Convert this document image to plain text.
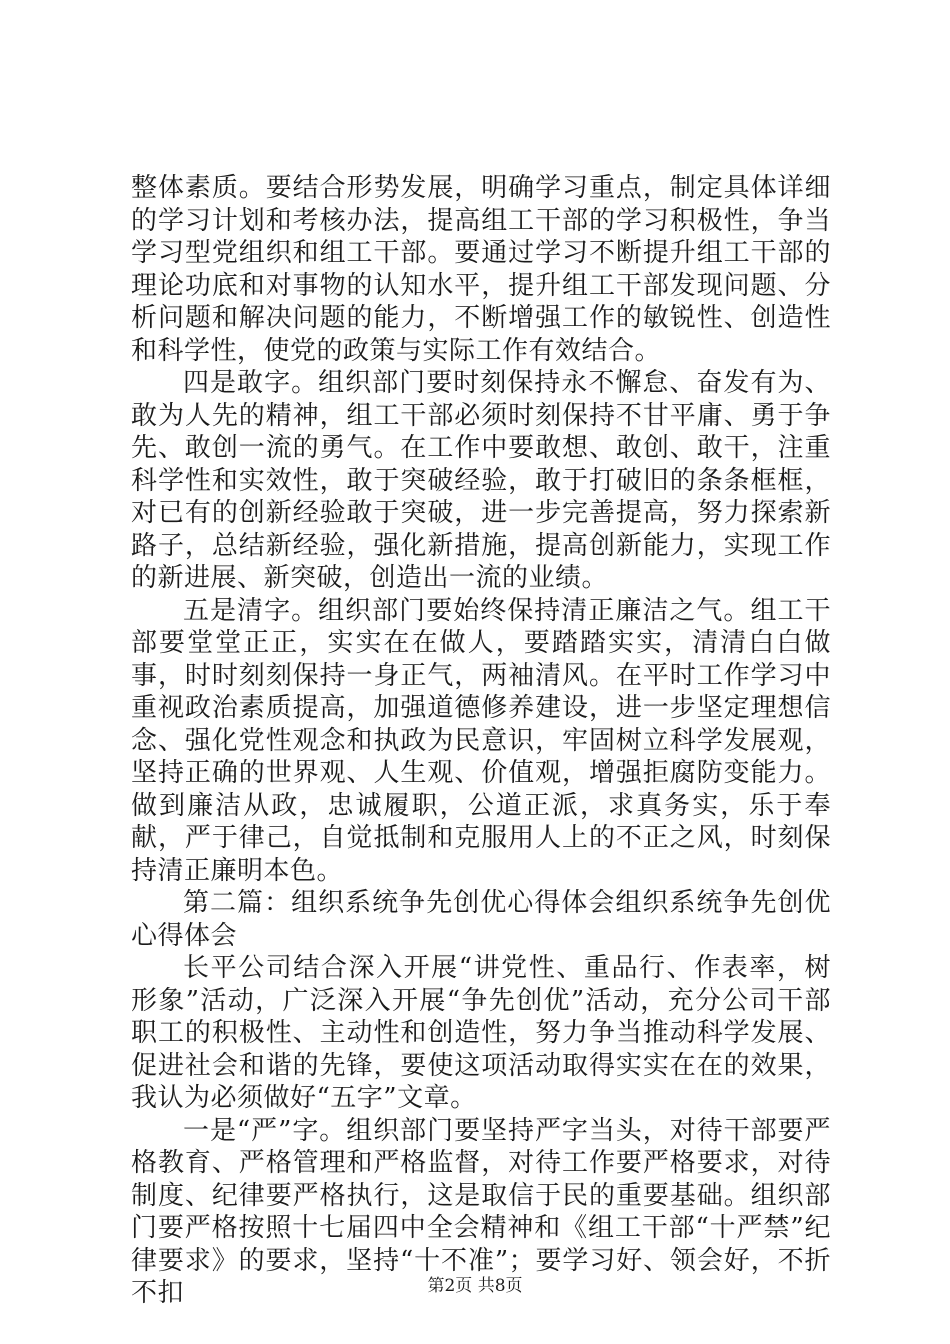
整体素质。要结合形势发展，明确学习重点，制定具体详细的学习计划和考核办法，提高组工干部的学习积极性，争当学习型党组织和组工干部。要通过学习不断提升组工干部的理论功底和对事物的认知水平，提升组工干部发现问题、分析问题和解决问题的能力，不断增强工作的敏锐性、创造性和科学性，使党的政策与实际工作有效结合。

四是敢字。组织部门要时刻保持永不懈怠、奋发有为、敢为人先的精神，组工干部必须时刻保持不甘平庸、勇于争先、敢创一流的勇气。在工作中要敢想、敢创、敢干，注重科学性和实效性，敢于突破经验，敢于打破旧的条条框框，对已有的创新经验敢于突破，进一步完善提高，努力探索新路子，总结新经验，强化新措施，提高创新能力，实现工作的新进展、新突破，创造出一流的业绩。

五是清字。组织部门要始终保持清正廉洁之气。组工干部要堂堂正正，实实在在做人，要踏踏实实，清清白白做事，时时刻刻保持一身正气，两袖清风。在平时工作学习中重视政治素质提高，加强道德修养建设，进一步坚定理想信念、强化党性观念和执政为民意识，牢固树立科学发展观，坚持正确的世界观、人生观、价值观，增强拒腐防变能力。做到廉洁从政，忠诚履职，公道正派，求真务实，乐于奉献，严于律己，自觉抵制和克服用人上的不正之风，时刻保持清正廉明本色。

第二篇：组织系统争先创优心得体会组织系统争先创优心得体会

长平公司结合深入开展“讲党性、重品行、作表率，树形象”活动，广泛深入开展“争先创优”活动，充分公司干部职工的积极性、主动性和创造性，努力争当推动科学发展、促进社会和谐的先锋，要使这项活动取得实实在在的效果，我认为必须做好“五字”文章。

一是“严”字。组织部门要坚持严字当头，对待干部要严格教育、严格管理和严格监督，对待工作要严格要求，对待制度、纪律要严格执行，这是取信于民的重要基础。组织部门要严格按照十七届四中全会精神和《组工干部“十严禁”纪律要求》的要求，坚持“十不准”；要学习好、领会好，不折不扣	第2页 共8页
